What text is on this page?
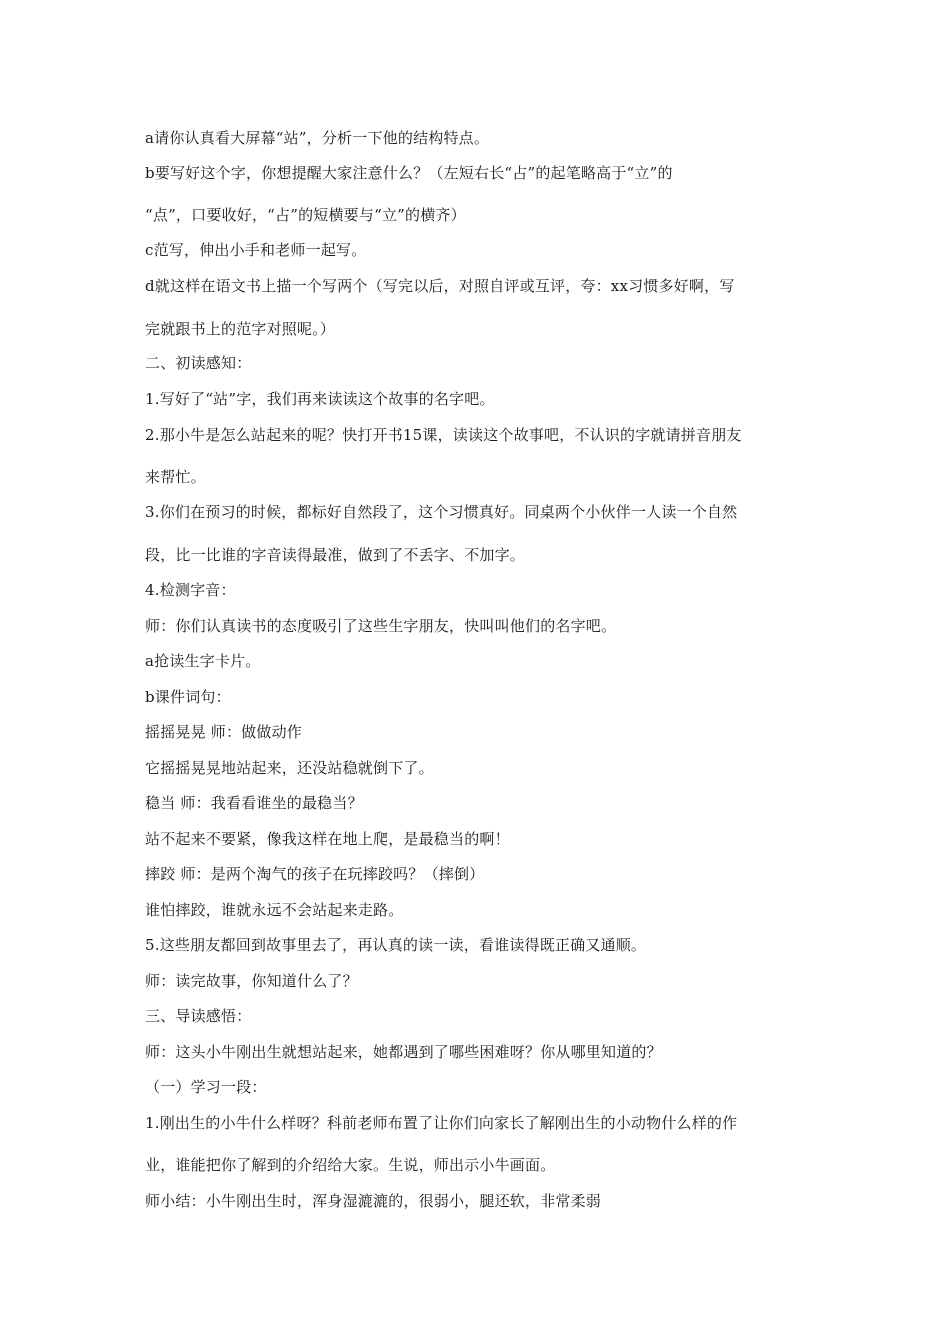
a请你认真看大屏幕“站”，分析一下他的结构特点。
b要写好这个字，你想提醒大家注意什么？（左短右长“占”的起笔略高于“立”的
“点”，口要收好，“占”的短横要与“立”的横齐）
c范写，伸出小手和老师一起写。
d就这样在语文书上描一个写两个（写完以后，对照自评或互评，夸：xx习惯多好啊，写
完就跟书上的范字对照呢。）
二、初读感知：
1.写好了“站”字，我们再来读读这个故事的名字吧。
2.那小牛是怎么站起来的呢？快打开书15课，读读这个故事吧，不认识的字就请拼音朋友
来帮忙。
3.你们在预习的时候，都标好自然段了，这个习惯真好。同桌两个小伙伴一人读一个自然
段，比一比谁的字音读得最准，做到了不丢字、不加字。
4.检测字音：
师：你们认真读书的态度吸引了这些生字朋友，快叫叫他们的名字吧。
a抢读生字卡片。
b课件词句：
摇摇晃晃 师：做做动作
它摇摇晃晃地站起来，还没站稳就倒下了。
稳当 师：我看看谁坐的最稳当？
站不起来不要紧，像我这样在地上爬，是最稳当的啊！
摔跤 师：是两个淘气的孩子在玩摔跤吗？（摔倒）
谁怕摔跤，谁就永远不会站起来走路。
5.这些朋友都回到故事里去了，再认真的读一读，看谁读得既正确又通顺。
师：读完故事，你知道什么了？
三、导读感悟：
师：这头小牛刚出生就想站起来，她都遇到了哪些困难呀？你从哪里知道的？
（一）学习一段：
1.刚出生的小牛什么样呀？科前老师布置了让你们向家长了解刚出生的小动物什么样的作
业，谁能把你了解到的介绍给大家。生说，师出示小牛画面。
师小结：小牛刚出生时，浑身湿漉漉的，很弱小，腿还软，非常柔弱
